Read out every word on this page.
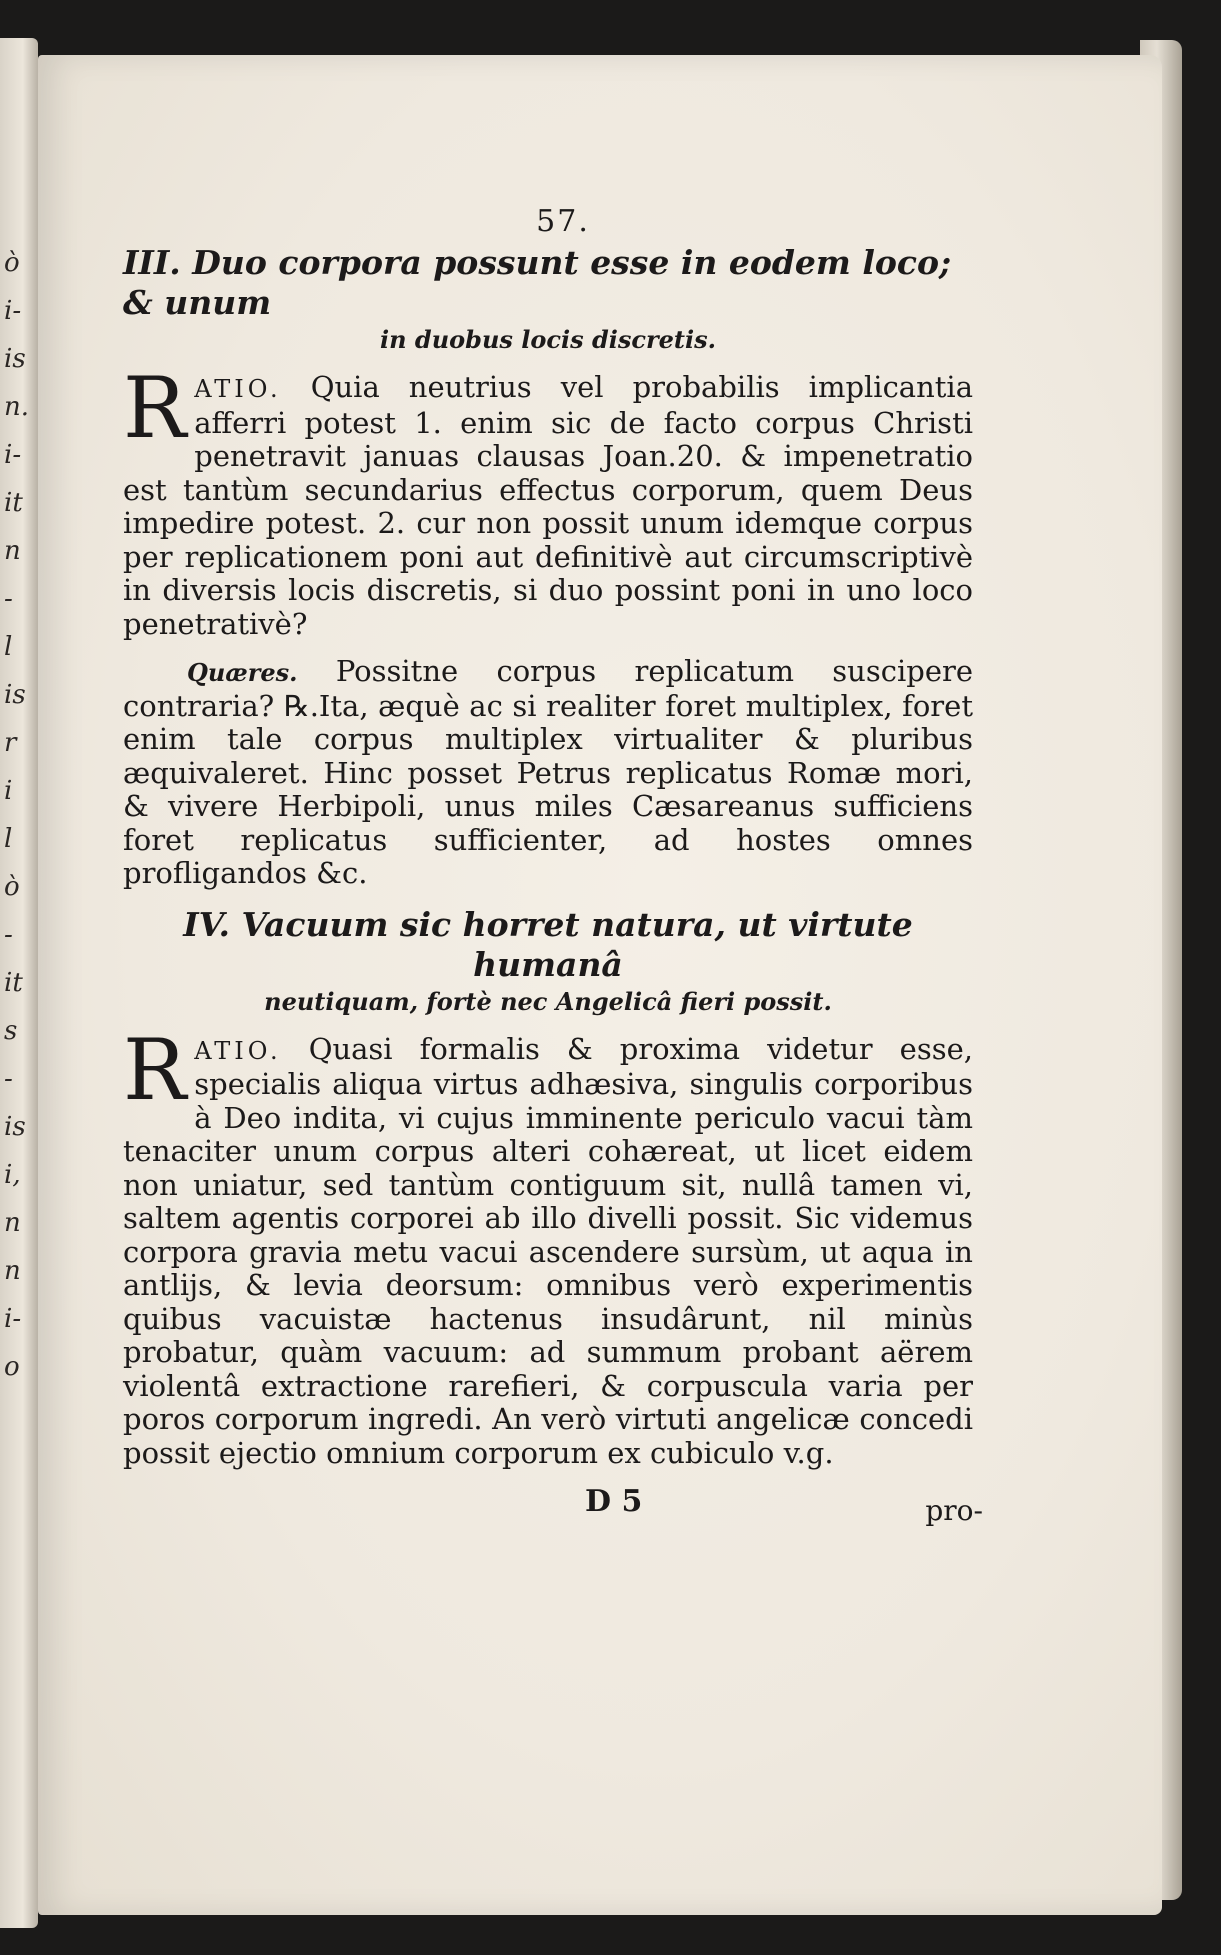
ò
i-
is
n.
i-
it
n
-
l
is
r
i
l
ò
-
it
s
-
is
i,
n
n
i-
o
57.

III. Duo corpora possunt esse in eodem loco; & unum

in duobus locis discretis.

RATIO. Quia neutrius vel probabilis implicantia afferri potest 1. enim sic de facto corpus Christi penetravit januas clausas Joan.20. & impenetratio est tantùm secundarius effectus corporum, quem Deus impedire potest. 2. cur non possit unum idemque corpus per replicationem poni aut definitivè aut circumscriptivè in diversis locis discretis, si duo possint poni in uno loco penetrativè?

Quæres. Possitne corpus replicatum suscipere contraria? ℞.Ita, æquè ac si realiter foret multiplex, foret enim tale corpus multiplex virtualiter & pluribus æquivaleret. Hinc posset Petrus replicatus Romæ mori, & vivere Herbipoli, unus miles Cæsareanus sufficiens foret replicatus sufficienter, ad hostes omnes profligandos &c.

IV. Vacuum sic horret natura, ut virtute humanâ

neutiquam, fortè nec Angelicâ fieri possit.

RATIO. Quasi formalis & proxima videtur esse, specialis aliqua virtus adhæsiva, singulis corporibus à Deo indita, vi cujus imminente periculo vacui tàm tenaciter unum corpus alteri cohæreat, ut licet eidem non uniatur, sed tantùm contiguum sit, nullâ tamen vi, saltem agentis corporei ab illo divelli possit. Sic videmus corpora gravia metu vacui ascendere sursùm, ut aqua in antlijs, & levia deorsum: omnibus verò experimentis quibus vacuistæ hactenus insudârunt, nil minùs probatur, quàm vacuum: ad summum probant aërem violentâ extractione rarefieri, & corpuscula varia per poros corporum ingredi. An verò virtuti angelicæ concedi possit ejectio omnium corporum ex cubiculo v.g.

D 5	pro-
